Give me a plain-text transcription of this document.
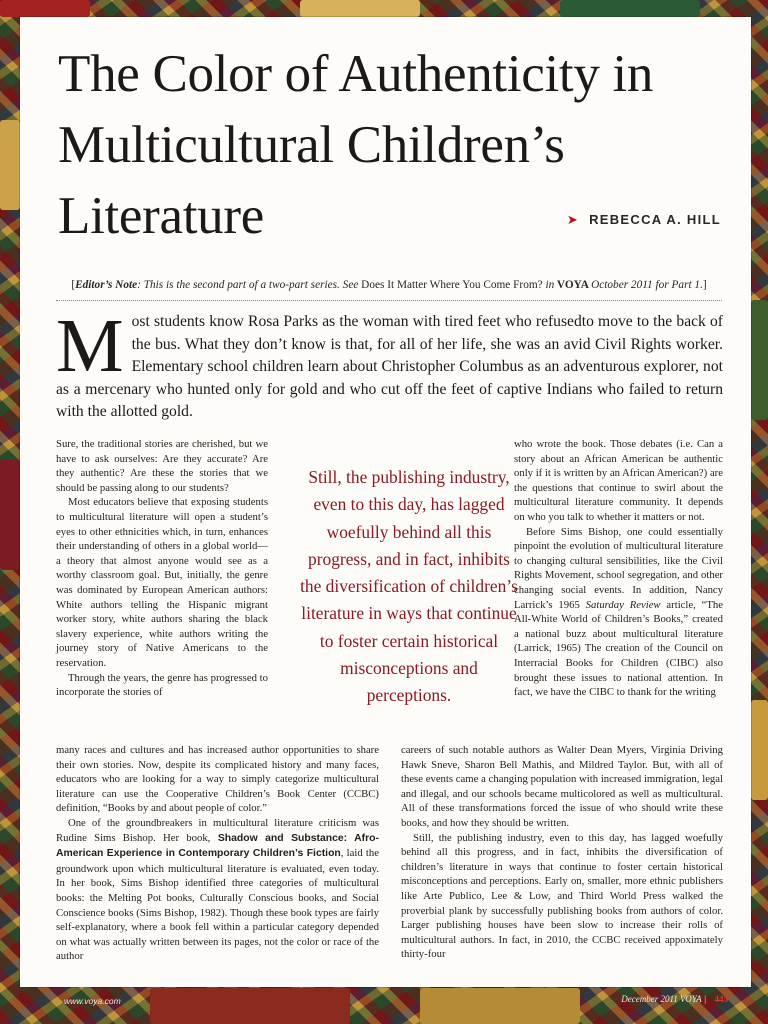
The Color of Authenticity in Multicultural Children’s Literature	➤ REBECCA A. HILL
[Editor’s Note: This is the second part of a two-part series. See Does It Matter Where You Come From? in VOYA October 2011 for Part 1.]

Most students know Rosa Parks as the woman with tired feet who refusedto move to the back of the bus. What they don’t know is that, for all of her life, she was an avid Civil Rights worker. Elementary school children learn about Christopher Columbus as an adventurous explorer, not as a mercenary who hunted only for gold and who cut off the feet of captive Indians who failed to return with the allotted gold.

Sure, the traditional stories are cherished, but we have to ask ourselves: Are they accurate? Are they authentic? Are these the stories that we should be passing along to our students?

Most educators believe that exposing students to multicultural literature will open a student’s eyes to other ethnicities which, in turn, enhances their understanding of others in a global world—a theory that almost anyone would see as a worthy classroom goal. But, initially, the genre was dominated by European American authors: White authors telling the Hispanic migrant worker story, white authors sharing the black slavery experience, white authors writing the journey story of Native Americans to the reservation.

Through the years, the genre has progressed to incorporate the stories of

Still, the publishing industry, even to this day, has lagged woefully behind all this progress, and in fact, inhibits the diversification of children’s literature in ways that continue to foster certain historical misconceptions and perceptions.

who wrote the book. Those debates (i.e. Can a story about an African American be authentic only if it is written by an African American?) are the questions that continue to swirl about the multicultural literature community. It depends on who you talk to whether it matters or not.

Before Sims Bishop, one could essentially pinpoint the evolution of multicultural literature to changing cultural sensibilities, like the Civil Rights Movement, school segregation, and other changing social events. In addition, Nancy Larrick’s 1965 Saturday Review article, “The All-White World of Children’s Books,” created a national buzz about multicultural literature (Larrick, 1965) The creation of the Council on Interracial Books for Children (CIBC) also brought these issues to national attention. In fact, we have the CIBC to thank for the writing

many races and cultures and has increased author opportunities to share their own stories. Now, despite its complicated history and many faces, educators who are looking for a way to simply categorize multicultural literature can use the Cooperative Children’s Book Center (CCBC) definition, “Books by and about people of color.”

One of the groundbreakers in multicultural literature criticism was Rudine Sims Bishop. Her book, Shadow and Substance: Afro-American Experience in Contemporary Children’s Fiction, laid the groundwork upon which multicultural literature is evaluated, even today. In her book, Sims Bishop identified three categories of multicultural books: the Melting Pot books, Culturally Conscious books, and Social Conscience books (Sims Bishop, 1982). Though these book types are fairly self-explanatory, where a book fell within a particular category depended on what was actually written between its pages, not the color or race of the author

careers of such notable authors as Walter Dean Myers, Virginia Driving Hawk Sneve, Sharon Bell Mathis, and Mildred Taylor. But, with all of these events came a changing population with increased immigration, legal and illegal, and our schools became multicolored as well as multicultural. All of these transformations forced the issue of who should write these books, and how they should be written.

Still, the publishing industry, even to this day, has lagged woefully behind all this progress, and in fact, inhibits the diversification of children’s literature in ways that continue to foster certain historical misconceptions and perceptions. Early on, smaller, more ethnic publishers like Arte Publico, Lee & Low, and Third World Press walked the proverbial plank by successfully publishing books from authors of color. Larger publishing houses have been slow to increase their rolls of multicultural authors. In fact, in 2010, the CCBC received appoximately thirty-four

www.voya.com	December 2011 VOYA | 445
